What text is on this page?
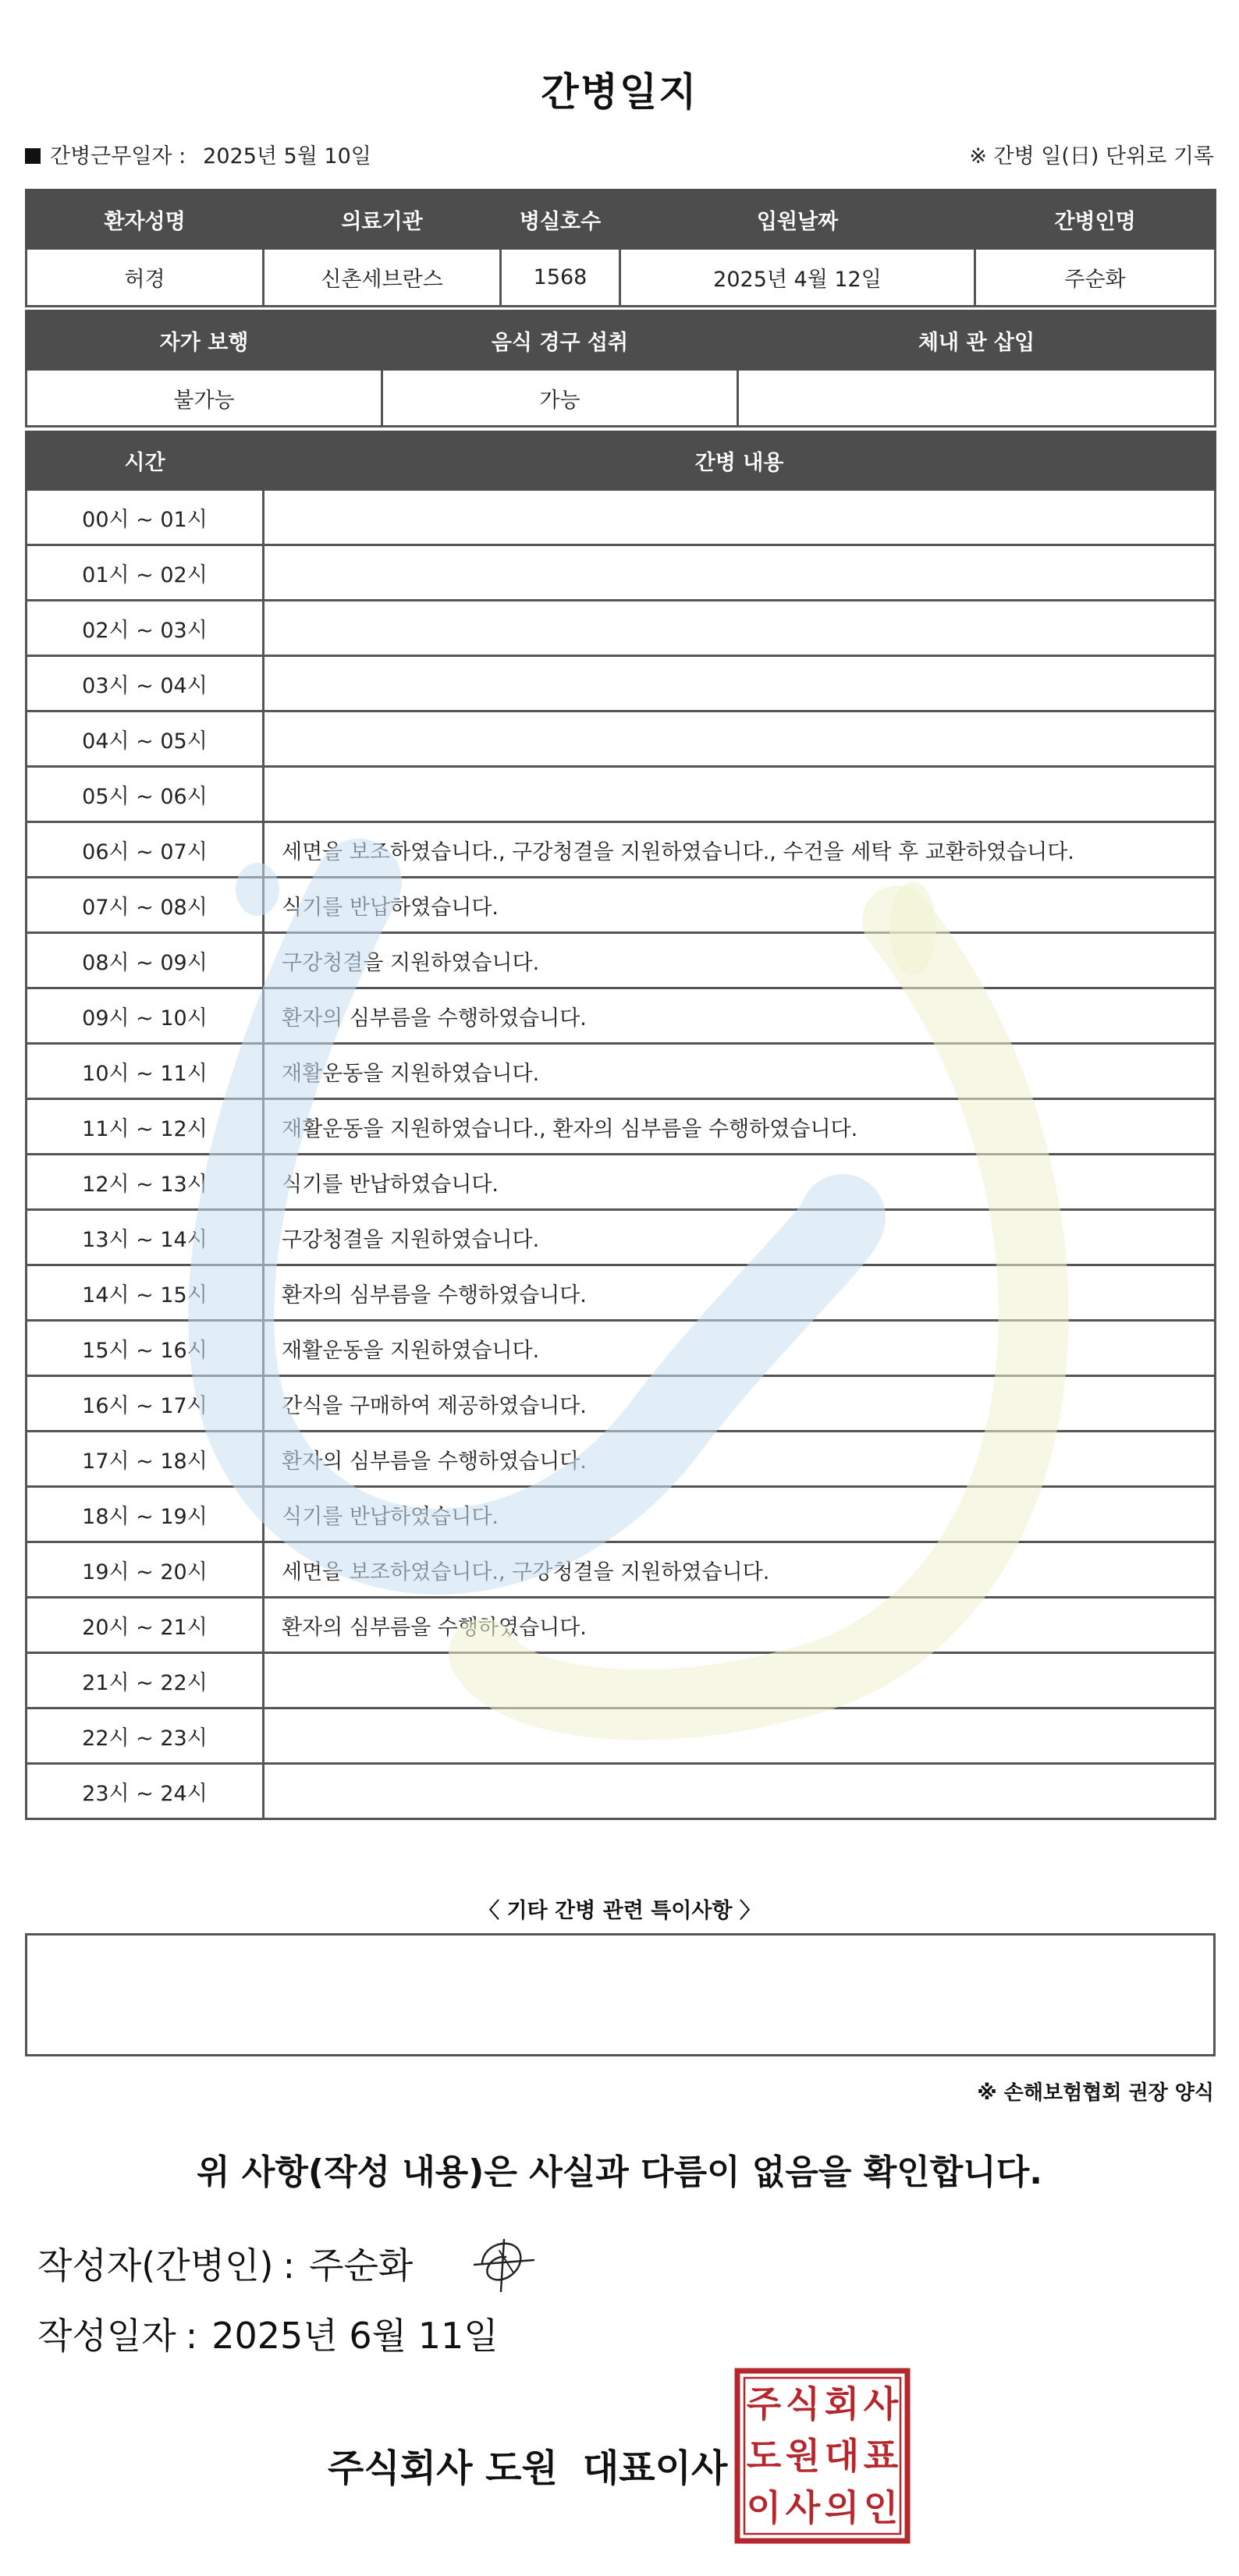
간병일지
간병근무일자 : 2025년 5월 10일	※ 간병 일(日) 단위로 기록
환자성명	의료기관	병실호수	입원날짜	간병인명
허경	신촌세브란스	1568	2025년 4월 12일	주순화
자가 보행	음식 경구 섭취	체내 관 삽입
불가능	가능	
시간	간병 내용
00시 ~ 01시	
01시 ~ 02시	
02시 ~ 03시	
03시 ~ 04시	
04시 ~ 05시	
05시 ~ 06시	
06시 ~ 07시	세면을 보조하였습니다., 구강청결을 지원하였습니다., 수건을 세탁 후 교환하였습니다.
07시 ~ 08시	식기를 반납하였습니다.
08시 ~ 09시	구강청결을 지원하였습니다.
09시 ~ 10시	환자의 심부름을 수행하였습니다.
10시 ~ 11시	재활운동을 지원하였습니다.
11시 ~ 12시	재활운동을 지원하였습니다., 환자의 심부름을 수행하였습니다.
12시 ~ 13시	식기를 반납하였습니다.
13시 ~ 14시	구강청결을 지원하였습니다.
14시 ~ 15시	환자의 심부름을 수행하였습니다.
15시 ~ 16시	재활운동을 지원하였습니다.
16시 ~ 17시	간식을 구매하여 제공하였습니다.
17시 ~ 18시	환자의 심부름을 수행하였습니다.
18시 ~ 19시	식기를 반납하였습니다.
19시 ~ 20시	세면을 보조하였습니다., 구강청결을 지원하였습니다.
20시 ~ 21시	환자의 심부름을 수행하였습니다.
21시 ~ 22시	
22시 ~ 23시	
23시 ~ 24시	
〈 기타 간병 관련 특이사항 〉
※ 손해보험협회 권장 양식
위 사항(작성 내용)은 사실과 다름이 없음을 확인합니다.
작성자(간병인) : 주순화
작성일자 : 2025년 6월 11일
주식회사 도원 대표이사
주 식 회 사
도 원 대 표
이 사 의 인
